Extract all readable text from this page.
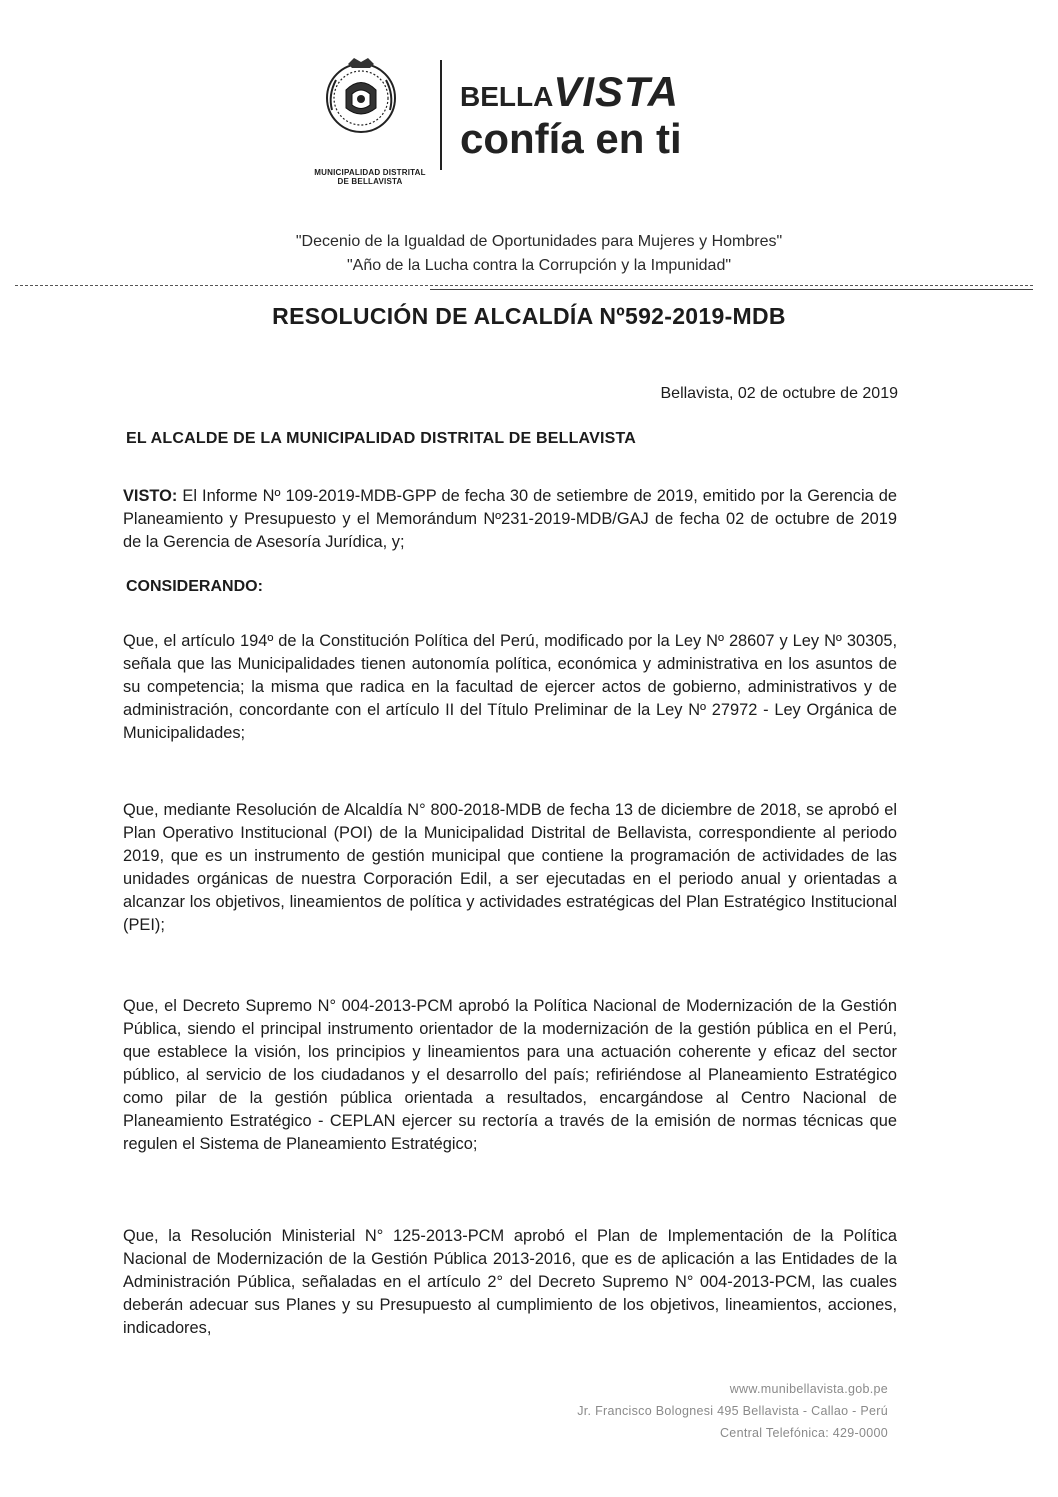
MUNICIPALIDAD DISTRITAL
DE BELLAVISTA
BELLAVISTA
confía en ti
"Decenio de la Igualdad de Oportunidades para Mujeres y Hombres"
"Año de la Lucha contra la Corrupción y la Impunidad"
RESOLUCIÓN DE ALCALDÍA Nº592-2019-MDB
Bellavista, 02 de octubre de 2019
EL ALCALDE DE LA MUNICIPALIDAD DISTRITAL DE BELLAVISTA
VISTO: El Informe Nº 109-2019-MDB-GPP de fecha 30 de setiembre de 2019, emitido por la Gerencia de Planeamiento y Presupuesto y el Memorándum Nº231-2019-MDB/GAJ de fecha 02 de octubre de 2019 de la Gerencia de Asesoría Jurídica, y;
CONSIDERANDO:
Que, el artículo 194º de la Constitución Política del Perú, modificado por la Ley Nº 28607 y Ley Nº 30305, señala que las Municipalidades tienen autonomía política, económica y administrativa en los asuntos de su competencia; la misma que radica en la facultad de ejercer actos de gobierno, administrativos y de administración, concordante con el artículo II del Título Preliminar de la Ley Nº 27972 - Ley Orgánica de Municipalidades;
Que, mediante Resolución de Alcaldía N° 800-2018-MDB de fecha 13 de diciembre de 2018, se aprobó el Plan Operativo Institucional (POI) de la Municipalidad Distrital de Bellavista, correspondiente al periodo 2019, que es un instrumento de gestión municipal que contiene la programación de actividades de las unidades orgánicas de nuestra Corporación Edil, a ser ejecutadas en el periodo anual y orientadas a alcanzar los objetivos, lineamientos de política y actividades estratégicas del Plan Estratégico Institucional (PEI);
Que, el Decreto Supremo N° 004-2013-PCM aprobó la Política Nacional de Modernización de la Gestión Pública, siendo el principal instrumento orientador de la modernización de la gestión pública en el Perú, que establece la visión, los principios y lineamientos para una actuación coherente y eficaz del sector público, al servicio de los ciudadanos y el desarrollo del país; refiriéndose al Planeamiento Estratégico como pilar de la gestión pública orientada a resultados, encargándose al Centro Nacional de Planeamiento Estratégico - CEPLAN ejercer su rectoría a través de la emisión de normas técnicas que regulen el Sistema de Planeamiento Estratégico;
Que, la Resolución Ministerial N° 125-2013-PCM aprobó el Plan de Implementación de la Política Nacional de Modernización de la Gestión Pública 2013-2016, que es de aplicación a las Entidades de la Administración Pública, señaladas en el artículo 2° del Decreto Supremo N° 004-2013-PCM, las cuales deberán adecuar sus Planes y su Presupuesto al cumplimiento de los objetivos, lineamientos, acciones, indicadores,
www.munibellavista.gob.pe
Jr. Francisco Bolognesi 495 Bellavista - Callao - Perú
Central Telefónica: 429-0000
